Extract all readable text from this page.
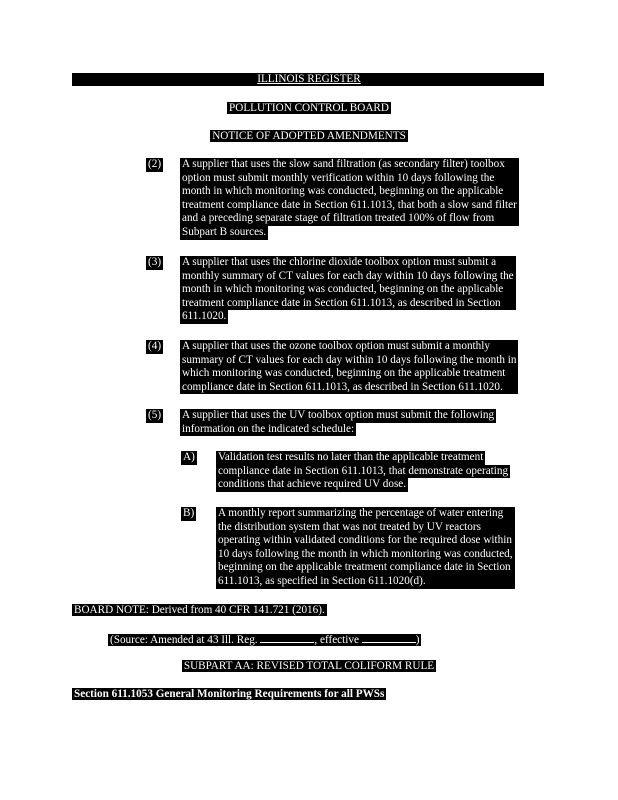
ILLINOIS REGISTER
POLLUTION CONTROL BOARD
NOTICE OF ADOPTED AMENDMENTS
(2) A supplier that uses the slow sand filtration (as secondary filter) toolbox
option must submit monthly verification within 10 days following the
month in which monitoring was conducted, beginning on the applicable
treatment compliance date in Section 611.1013, that both a slow sand filter
and a preceding separate stage of filtration treated 100% of flow from
Subpart B sources.
(3) A supplier that uses the chlorine dioxide toolbox option must submit a
monthly summary of CT values for each day within 10 days following the
month in which monitoring was conducted, beginning on the applicable
treatment compliance date in Section 611.1013, as described in Section
611.1020.
(4) A supplier that uses the ozone toolbox option must submit a monthly
summary of CT values for each day within 10 days following the month in
which monitoring was conducted, beginning on the applicable treatment
compliance date in Section 611.1013, as described in Section 611.1020.
(5) A supplier that uses the UV toolbox option must submit the following
information on the indicated schedule:
A) Validation test results no later than the applicable treatment

compliance date in Section 611.1013, that demonstrate operating
conditions that achieve required UV dose.
B) A monthly report summarizing the percentage of water entering
the distribution system that was not treated by UV reactors
operating within validated conditions for the required dose within
10 days following the month in which monitoring was conducted,
beginning on the applicable treatment compliance date in Section
611.1013, as specified in Section 611.1020(d).
BOARD NOTE: Derived from 40 CFR 141.721 (2016).
(Source: Amended at 43 Ill. Reg.	, effective	)
SUBPART AA: REVISED TOTAL COLIFORM RULE
Section 611.1053 General Monitoring Requirements for all PWSs
